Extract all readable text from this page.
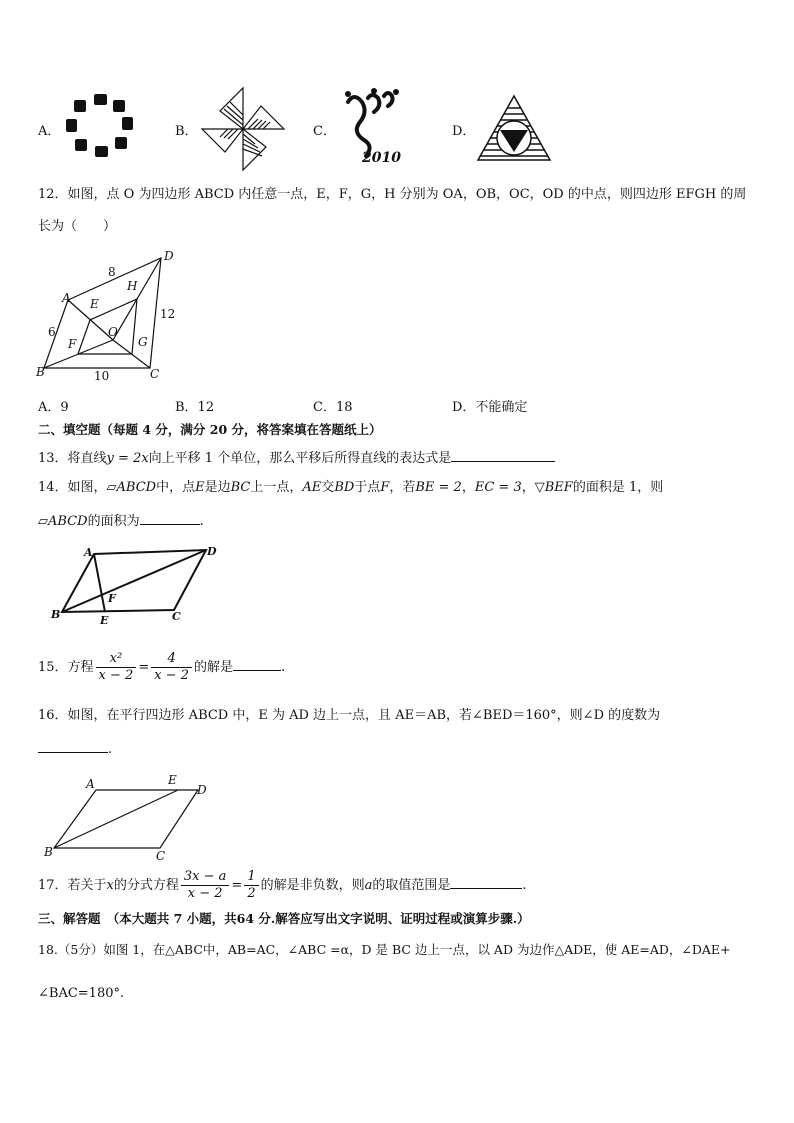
A．	B．	C．
2010
D．
12．如图，点 O 为四边形 ABCD 内任意一点，E，F，G，H 分别为 OA，OB，OC，OD 的中点，则四边形 EFGH 的周
长为（　　）
A
D
B	C
E
F	G
H
O
8
6
10
12
A．9	B．12	C．18	D．不能确定
二、填空题（每题 4 分，满分 20 分，将答案填在答题纸上）
13．将直线y = 2x向上平移 1 个单位，那么平移后所得直线的表达式是
14．如图，▱ABCD中，点E是边BC上一点，AE交BD于点F，若BE = 2，EC = 3，▽BEF的面积是 1，则
▱ABCD的面积为	.
A	D
B	C
E
F
15．方程 $\frac{\text{x²}}{x - 2} = \frac{4}{x - 2}$ 的解是	.
16．如图，在平行四边形 ABCD 中，E 为 AD 边上一点，且 AE＝AB，若∠BED＝160°，则∠D 的度数为
.
A	E
D
B	C
17．若关于x的分式方程 $\frac{3x - a}{x - 2} = \frac{1}{2}$ 的解是非负数，则a的取值范围是	.
三、解答题　（本大题共 7 小题，共64 分.解答应写出文字说明、证明过程或演算步骤.）
18.（5分）如图 1，在△ABC中，AB=AC，∠ABC =α，D 是 BC 边上一点，以 AD 为边作△ADE，使 AE=AD，∠DAE+
∠BAC=180°.
